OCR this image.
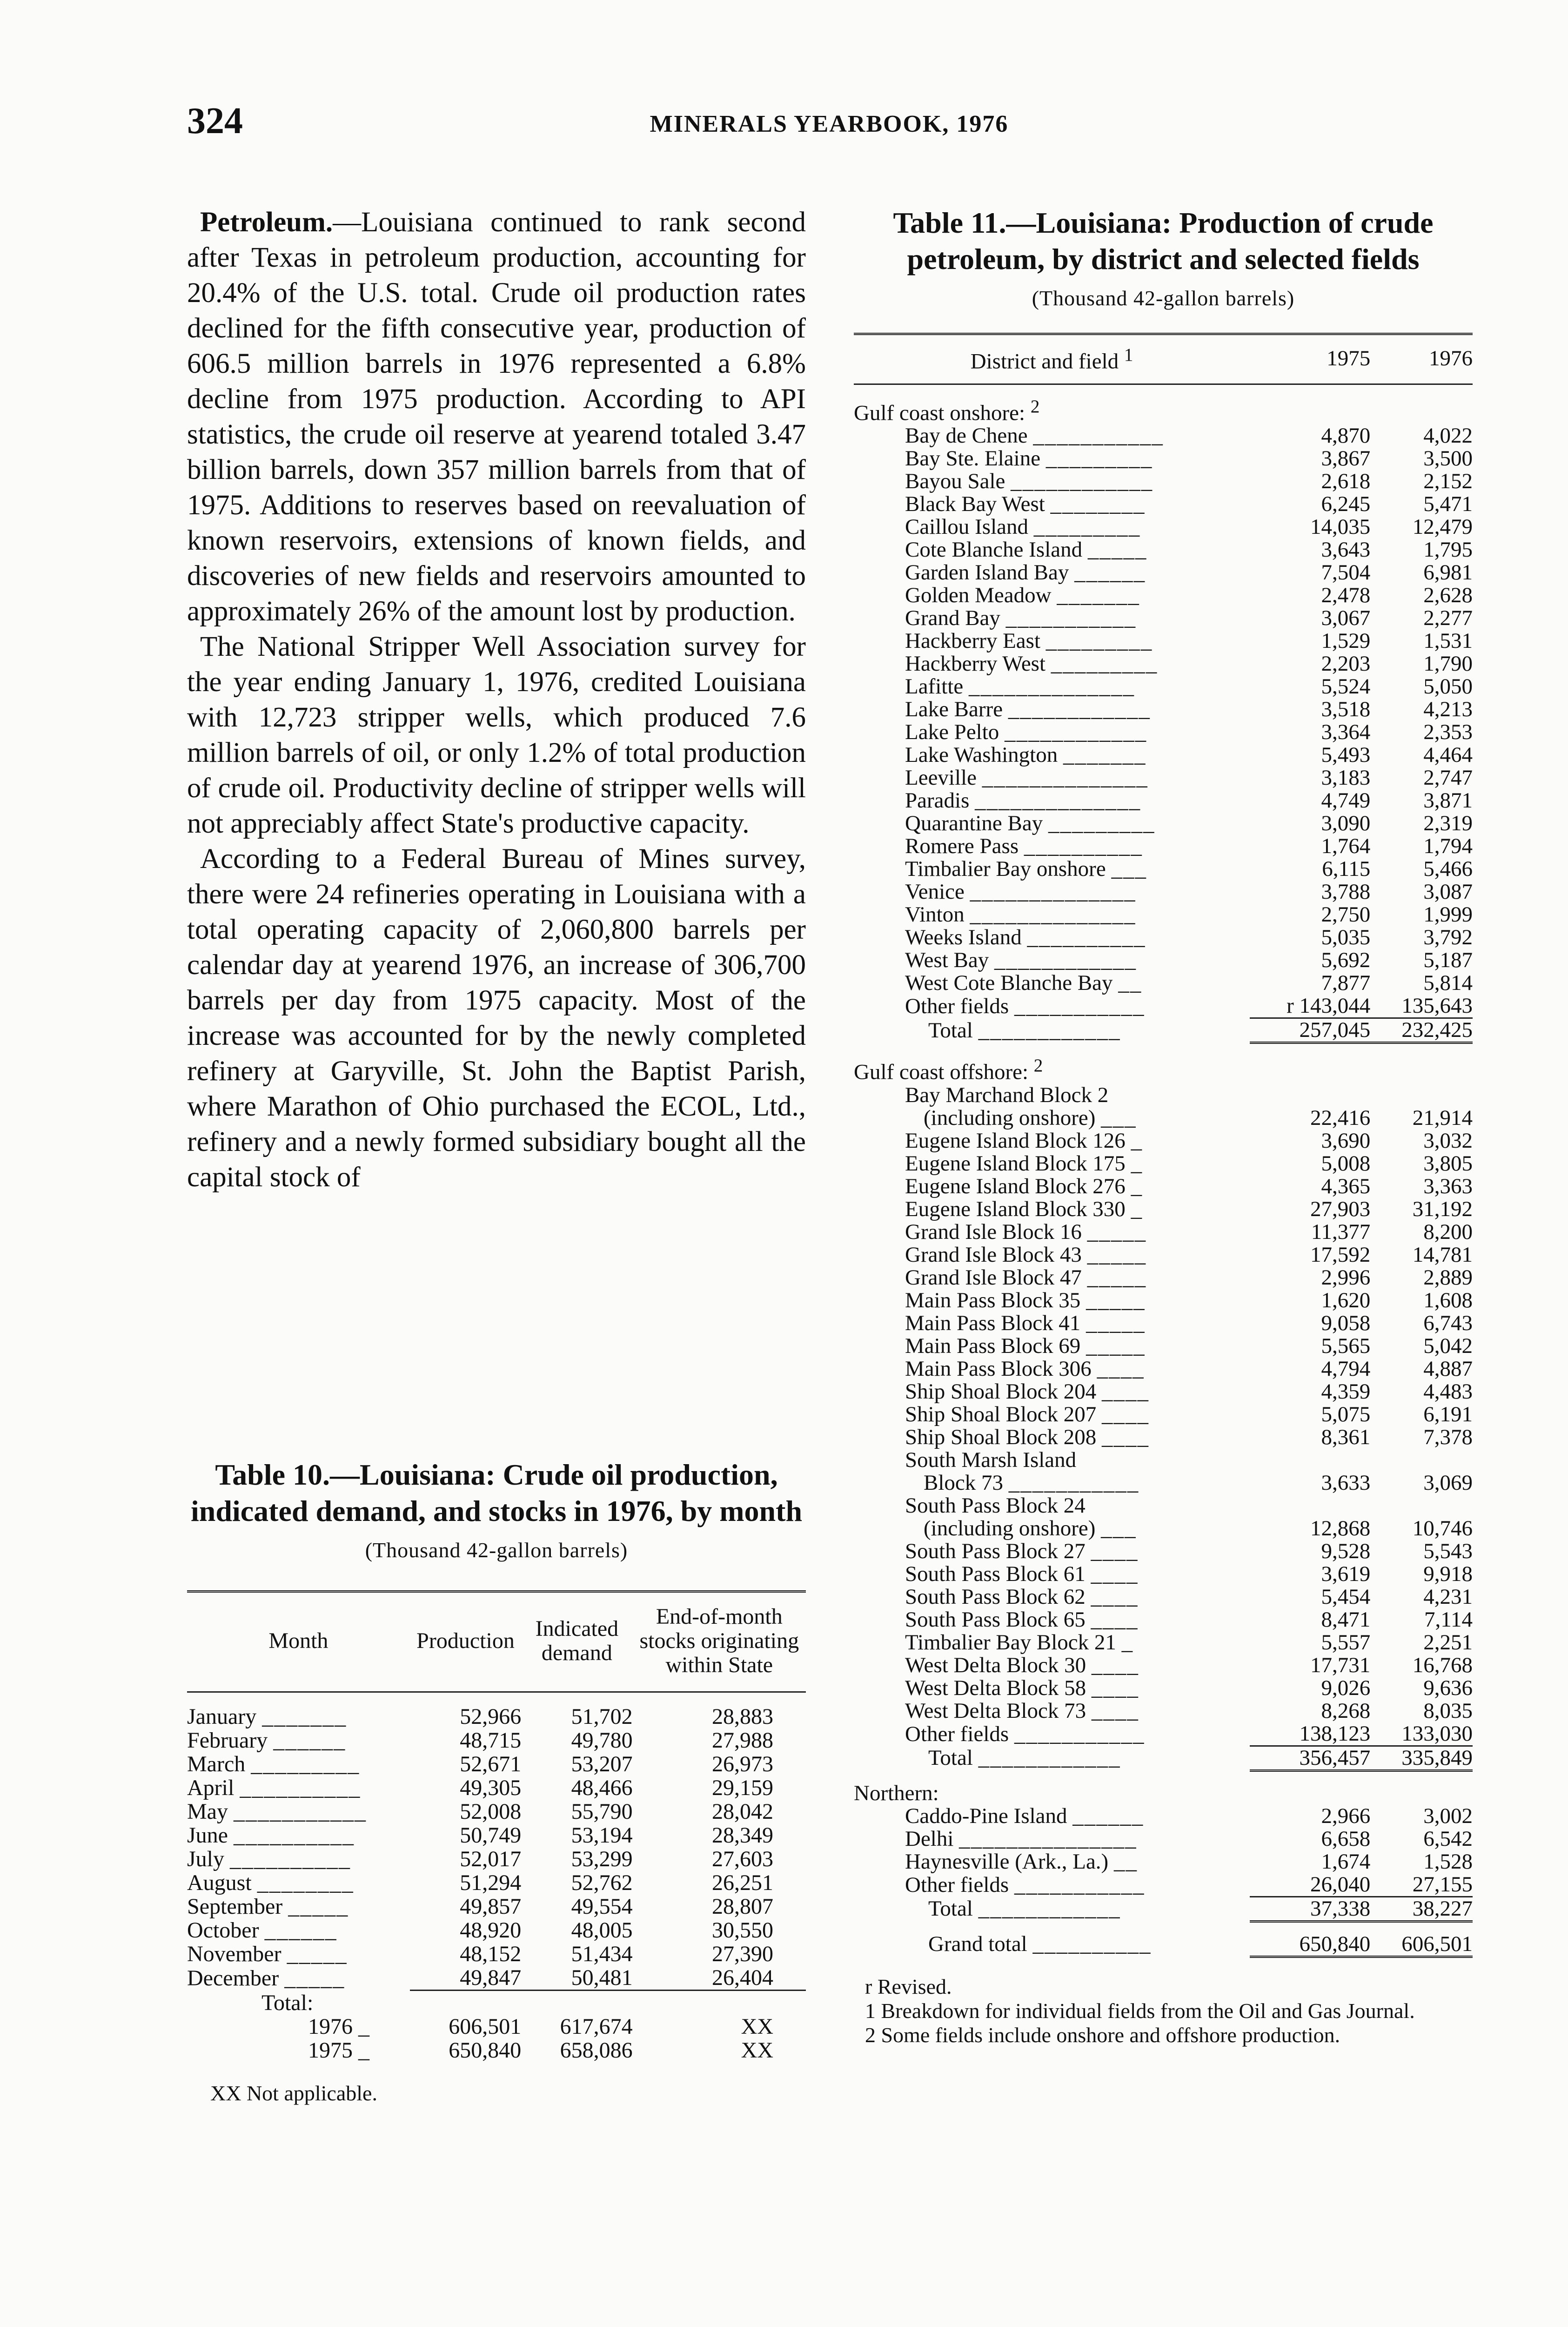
324	MINERALS YEARBOOK, 1976

Petroleum.—Louisiana continued to rank second after Texas in petroleum production, accounting for 20.4% of the U.S. total. Crude oil production rates declined for the fifth consecutive year, production of 606.5 million barrels in 1976 represented a 6.8% decline from 1975 production. According to API statistics, the crude oil reserve at yearend totaled 3.47 billion barrels, down 357 million barrels from that of 1975. Additions to reserves based on reevaluation of known reservoirs, extensions of known fields, and discoveries of new fields and reservoirs amounted to approximately 26% of the amount lost by production.

The National Stripper Well Association survey for the year ending January 1, 1976, credited Louisiana with 12,723 stripper wells, which produced 7.6 million barrels of oil, or only 1.2% of total production of crude oil. Productivity decline of stripper wells will not appreciably affect State's productive capacity.

According to a Federal Bureau of Mines survey, there were 24 refineries operating in Louisiana with a total operating capacity of 2,060,800 barrels per calendar day at yearend 1976, an increase of 306,700 barrels per day from 1975 capacity. Most of the increase was accounted for by the newly completed refinery at Garyville, St. John the Baptist Parish, where Marathon of Ohio purchased the ECOL, Ltd., refinery and a newly formed subsidiary bought all the capital stock of

Table 10.—Louisiana: Crude oil production, indicated demand, and stocks in 1976, by month

(Thousand 42-gallon barrels)

Month	Production	Indicated demand	End-of-month stocks originating within State
January _______	52,966	51,702	28,883
February ______	48,715	49,780	27,988
March _________	52,671	53,207	26,973
April __________	49,305	48,466	29,159
May ___________	52,008	55,790	28,042
June __________	50,749	53,194	28,349
July __________	52,017	53,299	27,603
August ________	51,294	52,762	26,251
September _____	49,857	49,554	28,807
October ______	48,920	48,005	30,550
November _____	48,152	51,434	27,390
December _____	49,847	50,481	26,404
Total:			
1976 _	606,501	617,674	XX
1975 _	650,840	658,086	XX

XX Not applicable.

Table 11.—Louisiana: Production of crude petroleum, by district and selected fields

(Thousand 42-gallon barrels)

District and field $^1$	1975	1976
Gulf coast onshore: $^2$
Bay de Chene ___________	4,870	4,022
Bay Ste. Elaine _________	3,867	3,500
Bayou Sale ____________	2,618	2,152
Black Bay West ________	6,245	5,471
Caillou Island _________	14,035	12,479
Cote Blanche Island _____	3,643	1,795
Garden Island Bay ______	7,504	6,981
Golden Meadow _______	2,478	2,628
Grand Bay ___________	3,067	2,277
Hackberry East _________	1,529	1,531
Hackberry West _________	2,203	1,790
Lafitte ______________	5,524	5,050
Lake Barre ____________	3,518	4,213
Lake Pelto ____________	3,364	2,353
Lake Washington _______	5,493	4,464
Leeville ______________	3,183	2,747
Paradis ______________	4,749	3,871
Quarantine Bay _________	3,090	2,319
Romere Pass __________	1,764	1,794
Timbalier Bay onshore ___	6,115	5,466
Venice ______________	3,788	3,087
Vinton ______________	2,750	1,999
Weeks Island __________	5,035	3,792
West Bay ____________	5,692	5,187
West Cote Blanche Bay __	7,877	5,814
Other fields ___________	r 143,044	135,643
Total ____________	257,045	232,425
Gulf coast offshore: $^2$
Bay Marchand Block 2		
(including onshore) ___	22,416	21,914
Eugene Island Block 126 _	3,690	3,032
Eugene Island Block 175 _	5,008	3,805
Eugene Island Block 276 _	4,365	3,363
Eugene Island Block 330 _	27,903	31,192
Grand Isle Block 16 _____	11,377	8,200
Grand Isle Block 43 _____	17,592	14,781
Grand Isle Block 47 _____	2,996	2,889
Main Pass Block 35 _____	1,620	1,608
Main Pass Block 41 _____	9,058	6,743
Main Pass Block 69 _____	5,565	5,042
Main Pass Block 306 ____	4,794	4,887
Ship Shoal Block 204 ____	4,359	4,483
Ship Shoal Block 207 ____	5,075	6,191
Ship Shoal Block 208 ____	8,361	7,378
South Marsh Island		
Block 73 ___________	3,633	3,069
South Pass Block 24		
(including onshore) ___	12,868	10,746
South Pass Block 27 ____	9,528	5,543
South Pass Block 61 ____	3,619	9,918
South Pass Block 62 ____	5,454	4,231
South Pass Block 65 ____	8,471	7,114
Timbalier Bay Block 21 _	5,557	2,251
West Delta Block 30 ____	17,731	16,768
West Delta Block 58 ____	9,026	9,636
West Delta Block 73 ____	8,268	8,035
Other fields ___________	138,123	133,030
Total ____________	356,457	335,849
Northern:		
Caddo-Pine Island ______	2,966	3,002
Delhi _______________	6,658	6,542
Haynesville (Ark., La.) __	1,674	1,528
Other fields ___________	26,040	27,155
Total ____________	37,338	38,227
Grand total __________	650,840	606,501

r Revised.

1 Breakdown for individual fields from the Oil and Gas Journal.

2 Some fields include onshore and offshore production.
